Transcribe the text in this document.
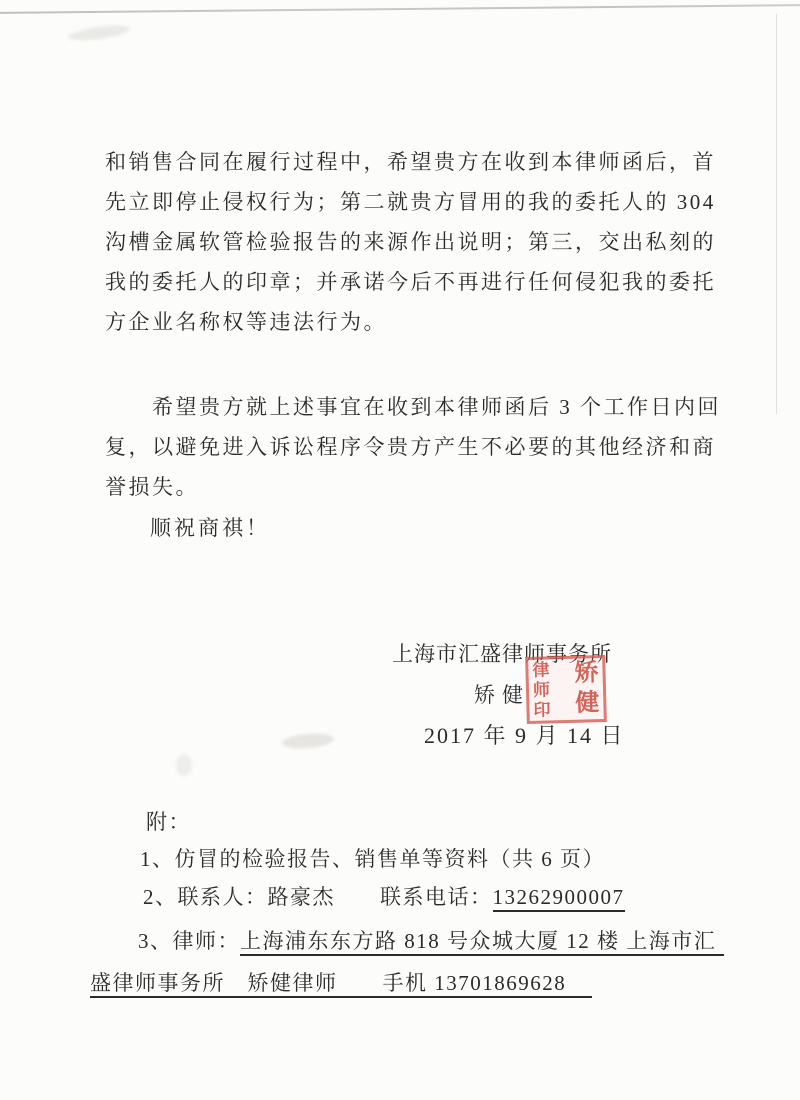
和销售合同在履行过程中，希望贵方在收到本律师函后，首
先立即停止侵权行为；第二就贵方冒用的我的委托人的 304
沟槽金属软管检验报告的来源作出说明；第三，交出私刻的
我的委托人的印章；并承诺今后不再进行任何侵犯我的委托
方企业名称权等违法行为。
希望贵方就上述事宜在收到本律师函后 3 个工作日内回
复，以避免进入诉讼程序令贵方产生不必要的其他经济和商
誉损失。
顺祝商祺！
上海市汇盛律师事务所
矫健
律
师
印
矫
健
2017 年 9 月 14 日
附：
1、仿冒的检验报告、销售单等资料（共 6 页）
2、联系人：路豪杰　　联系电话：13262900007
3、律师：上海浦东东方路 818 号众城大厦 12 楼 上海市汇
盛律师事务所　矫健律师　　手机 13701869628
